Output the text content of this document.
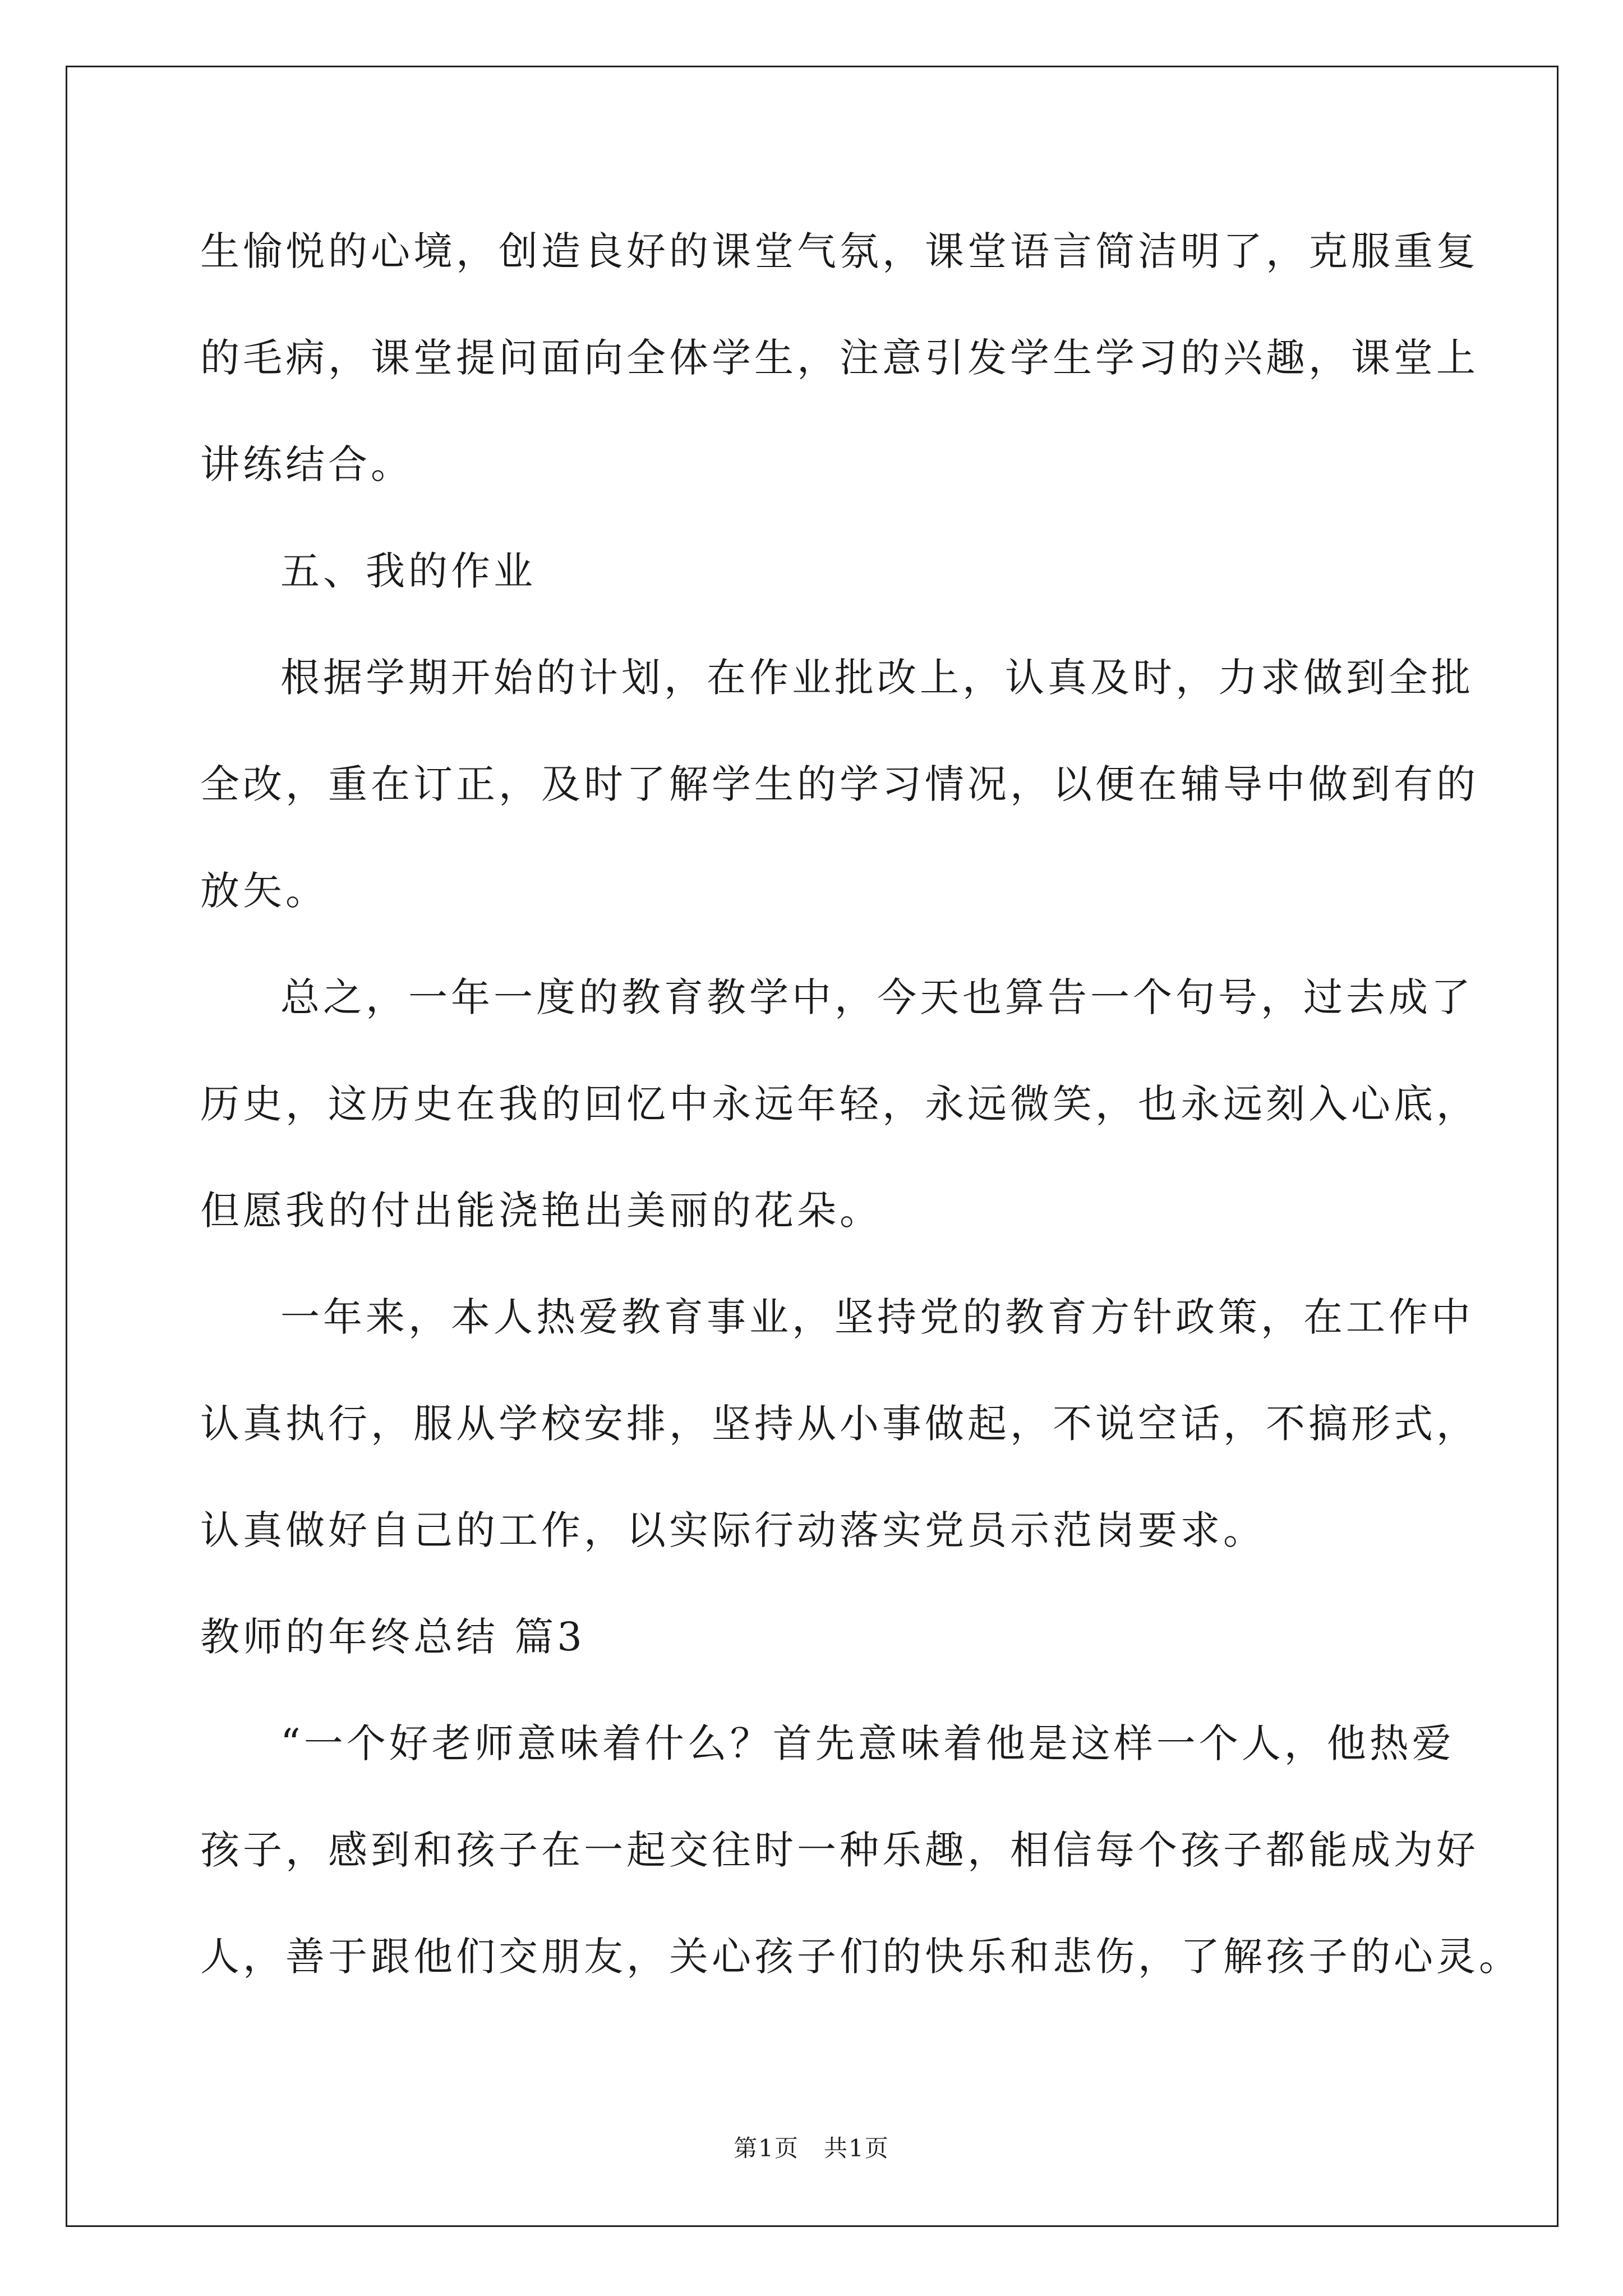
生愉悦的心境，创造良好的课堂气氛，课堂语言简洁明了，克服重复
的毛病，课堂提问面向全体学生，注意引发学生学习的兴趣，课堂上
讲练结合。
五、我的作业
根据学期开始的计划，在作业批改上，认真及时，力求做到全批
全改，重在订正，及时了解学生的学习情况，以便在辅导中做到有的
放矢。
总之，一年一度的教育教学中，今天也算告一个句号，过去成了
历史，这历史在我的回忆中永远年轻，永远微笑，也永远刻入心底，
但愿我的付出能浇艳出美丽的花朵。
一年来，本人热爱教育事业，坚持党的教育方针政策，在工作中
认真执行，服从学校安排，坚持从小事做起，不说空话，不搞形式，
认真做好自己的工作，以实际行动落实党员示范岗要求。
教师的年终总结 篇3
“一个好老师意味着什么？首先意味着他是这样一个人，他热爱
孩子，感到和孩子在一起交往时一种乐趣，相信每个孩子都能成为好
人，善于跟他们交朋友，关心孩子们的快乐和悲伤，了解孩子的心灵。
第1页　共1页
